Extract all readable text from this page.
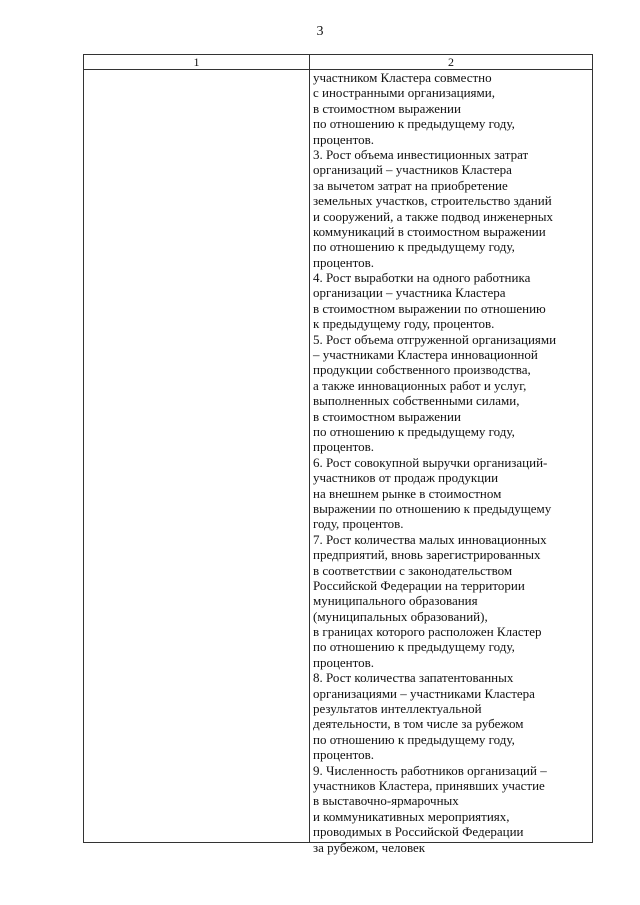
3
1	2
участником Кластера совместно
с иностранными организациями,
в стоимостном выражении
по отношению к предыдущему году,
процентов.
3. Рост объема инвестиционных затрат
организаций – участников Кластера
за вычетом затрат на приобретение
земельных участков, строительство зданий
и сооружений, а также подвод инженерных
коммуникаций в стоимостном выражении
по отношению к предыдущему году,
процентов.
4. Рост выработки на одного работника
организации – участника Кластера
в стоимостном выражении по отношению
к предыдущему году, процентов.
5. Рост объема отгруженной организациями
– участниками Кластера инновационной
продукции собственного производства,
а также инновационных работ и услуг,
выполненных собственными силами,
в стоимостном выражении
по отношению к предыдущему году,
процентов.
6. Рост совокупной выручки организаций-
участников от продаж продукции
на внешнем рынке в стоимостном
выражении по отношению к предыдущему
году, процентов.
7. Рост количества малых инновационных
предприятий, вновь зарегистрированных
в соответствии с законодательством
Российской Федерации на территории
муниципального образования
(муниципальных образований),
в границах которого расположен Кластер
по отношению к предыдущему году,
процентов.
8. Рост количества запатентованных
организациями – участниками Кластера
результатов интеллектуальной
деятельности, в том числе за рубежом
по отношению к предыдущему году,
процентов.
9. Численность работников организаций –
участников Кластера, принявших участие
в выставочно-ярмарочных
и коммуникативных мероприятиях,
проводимых в Российской Федерации
за рубежом, человек
